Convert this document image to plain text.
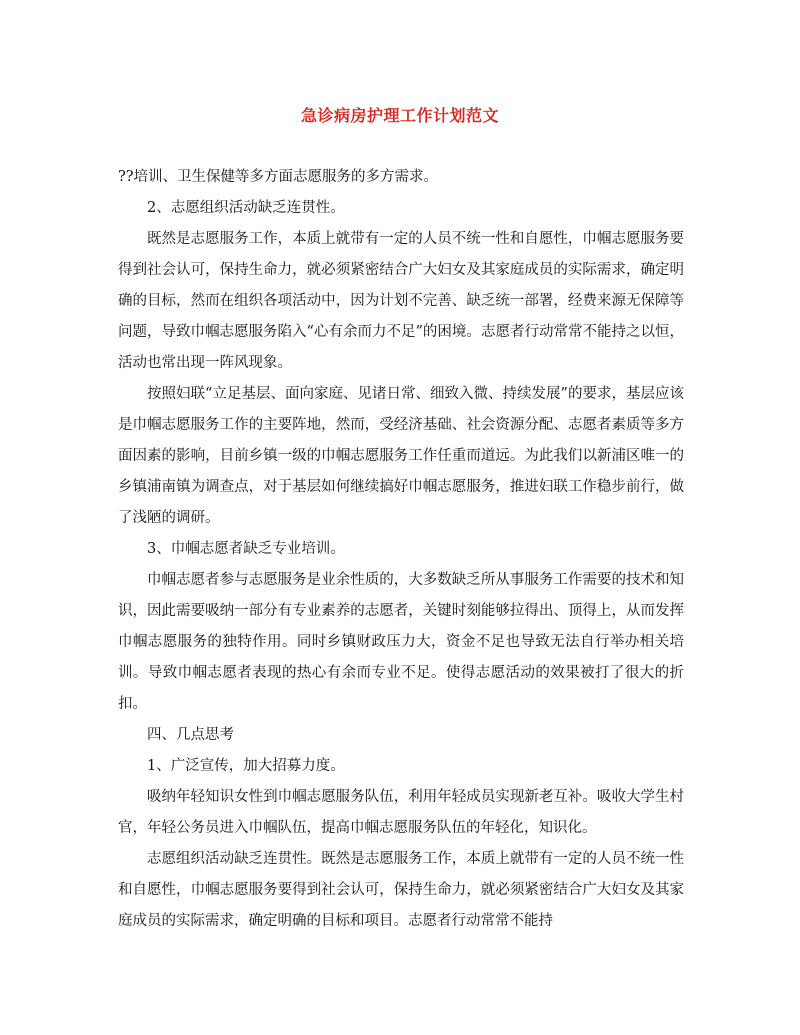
急诊病房护理工作计划范文

??培训、卫生保健等多方面志愿服务的多方需求。

2、志愿组织活动缺乏连贯性。

既然是志愿服务工作，本质上就带有一定的人员不统一性和自愿性，巾帼志愿服务要得到社会认可，保持生命力，就必须紧密结合广大妇女及其家庭成员的实际需求，确定明确的目标，然而在组织各项活动中，因为计划不完善、缺乏统一部署，经费来源无保障等问题，导致巾帼志愿服务陷入“心有余而力不足”的困境。志愿者行动常常不能持之以恒，活动也常出现一阵风现象。

按照妇联“立足基层、面向家庭、见诸日常、细致入微、持续发展”的要求，基层应该是巾帼志愿服务工作的主要阵地，然而，受经济基础、社会资源分配、志愿者素质等多方面因素的影响，目前乡镇一级的巾帼志愿服务工作任重而道远。为此我们以新浦区唯一的乡镇浦南镇为调查点，对于基层如何继续搞好巾帼志愿服务，推进妇联工作稳步前行，做了浅陋的调研。

3、巾帼志愿者缺乏专业培训。

巾帼志愿者参与志愿服务是业余性质的，大多数缺乏所从事服务工作需要的技术和知识，因此需要吸纳一部分有专业素养的志愿者，关键时刻能够拉得出、顶得上，从而发挥巾帼志愿服务的独特作用。同时乡镇财政压力大，资金不足也导致无法自行举办相关培训。导致巾帼志愿者表现的热心有余而专业不足。使得志愿活动的效果被打了很大的折扣。

四、几点思考

1、广泛宣传，加大招募力度。

吸纳年轻知识女性到巾帼志愿服务队伍，利用年轻成员实现新老互补。吸收大学生村官，年轻公务员进入巾帼队伍，提高巾帼志愿服务队伍的年轻化，知识化。

志愿组织活动缺乏连贯性。既然是志愿服务工作，本质上就带有一定的人员不统一性和自愿性，巾帼志愿服务要得到社会认可，保持生命力，就必须紧密结合广大妇女及其家庭成员的实际需求，确定明确的目标和项目。志愿者行动常常不能持
